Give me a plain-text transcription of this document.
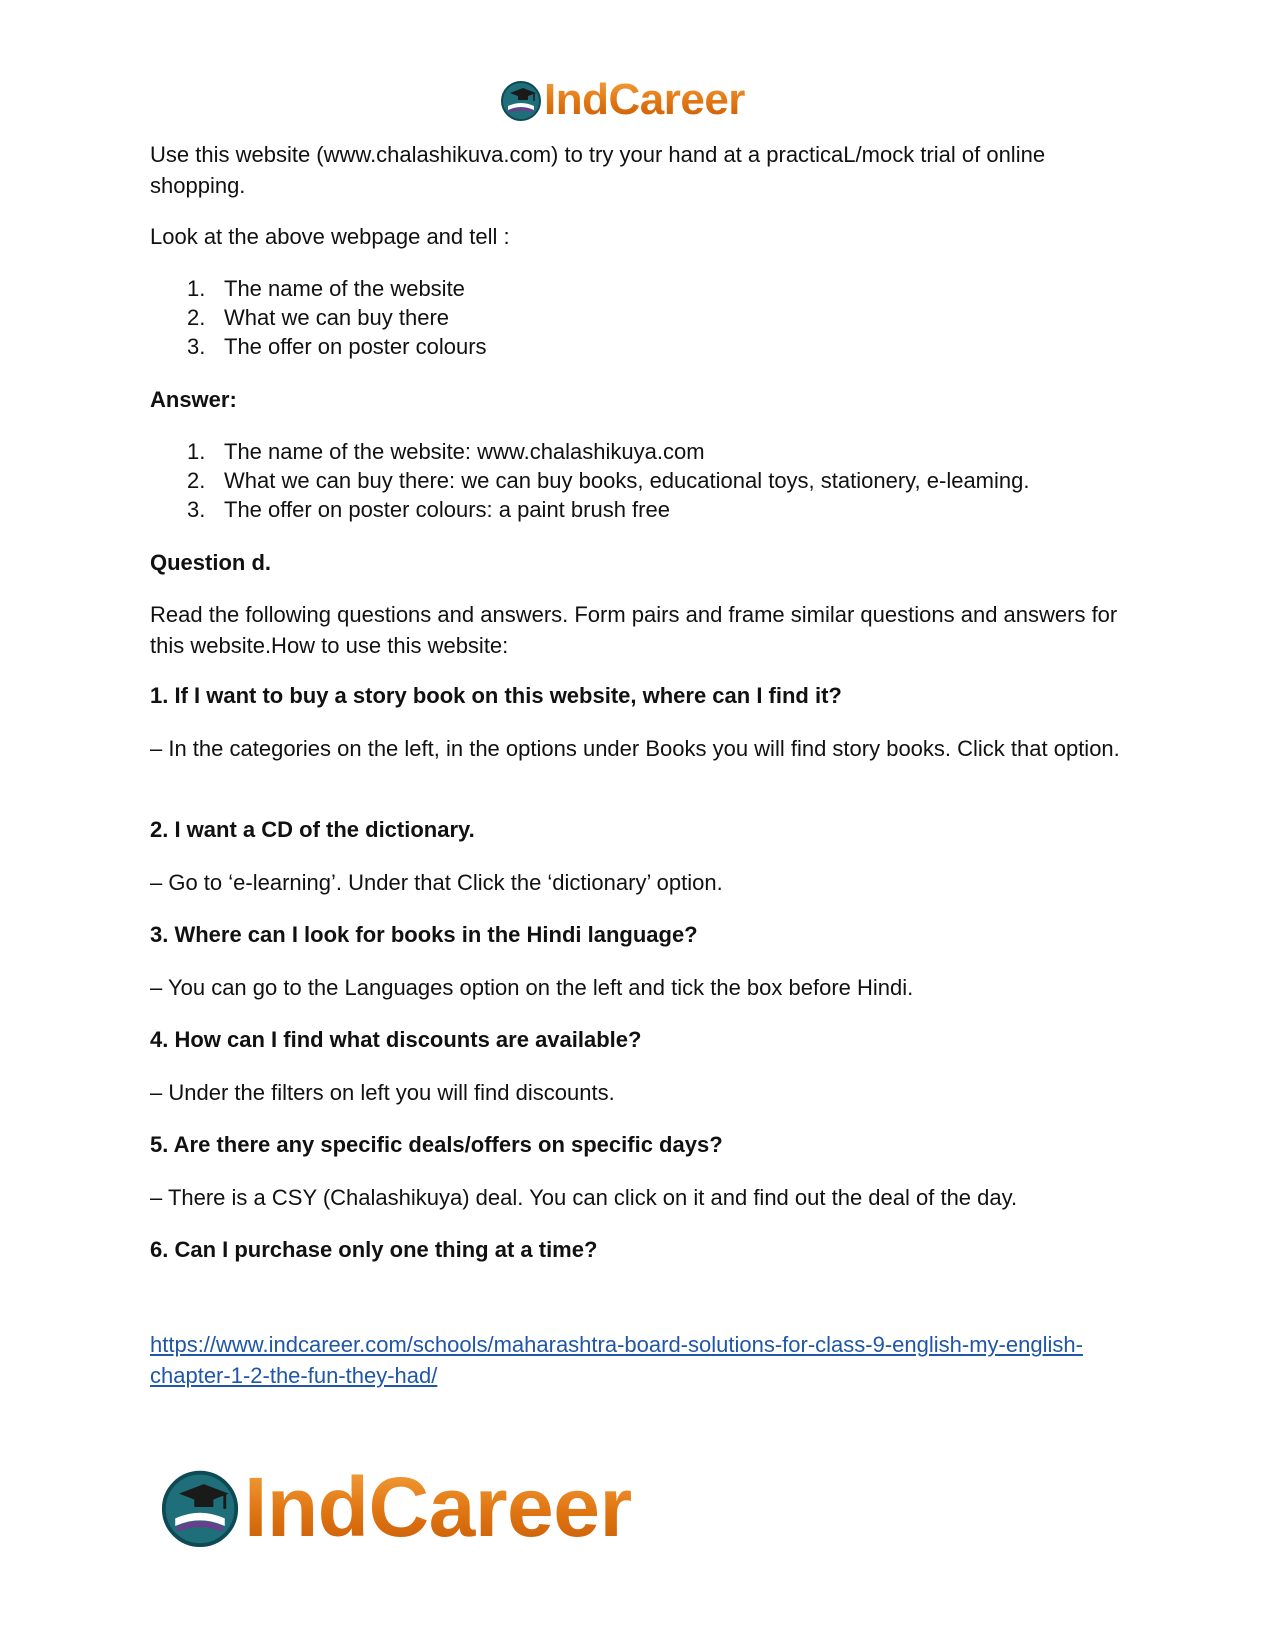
IndCareer
Use this website (www.chalashikuva.com) to try your hand at a practicaL/mock trial of online shopping.
Look at the above webpage and tell :
1. The name of the website
2. What we can buy there
3. The offer on poster colours
Answer:
1. The name of the website: www.chalashikuya.com
2. What we can buy there: we can buy books, educational toys, stationery, e-leaming.
3. The offer on poster colours: a paint brush free
Question d.
Read the following questions and answers. Form pairs and frame similar questions and answers for this website.How to use this website:
1. If I want to buy a story book on this website, where can I find it?
– In the categories on the left, in the options under Books you will find story books. Click that option.
2. I want a CD of the dictionary.
– Go to ‘e-learning’. Under that Click the ‘dictionary’ option.
3. Where can I look for books in the Hindi language?
– You can go to the Languages option on the left and tick the box before Hindi.
4. How can I find what discounts are available?
– Under the filters on left you will find discounts.
5. Are there any specific deals/offers on specific days?
– There is a CSY (Chalashikuya) deal. You can click on it and find out the deal of the day.
6. Can I purchase only one thing at a time?
https://www.indcareer.com/schools/maharashtra-board-solutions-for-class-9-english-my-english-
chapter-1-2-the-fun-they-had/
IndCareer
